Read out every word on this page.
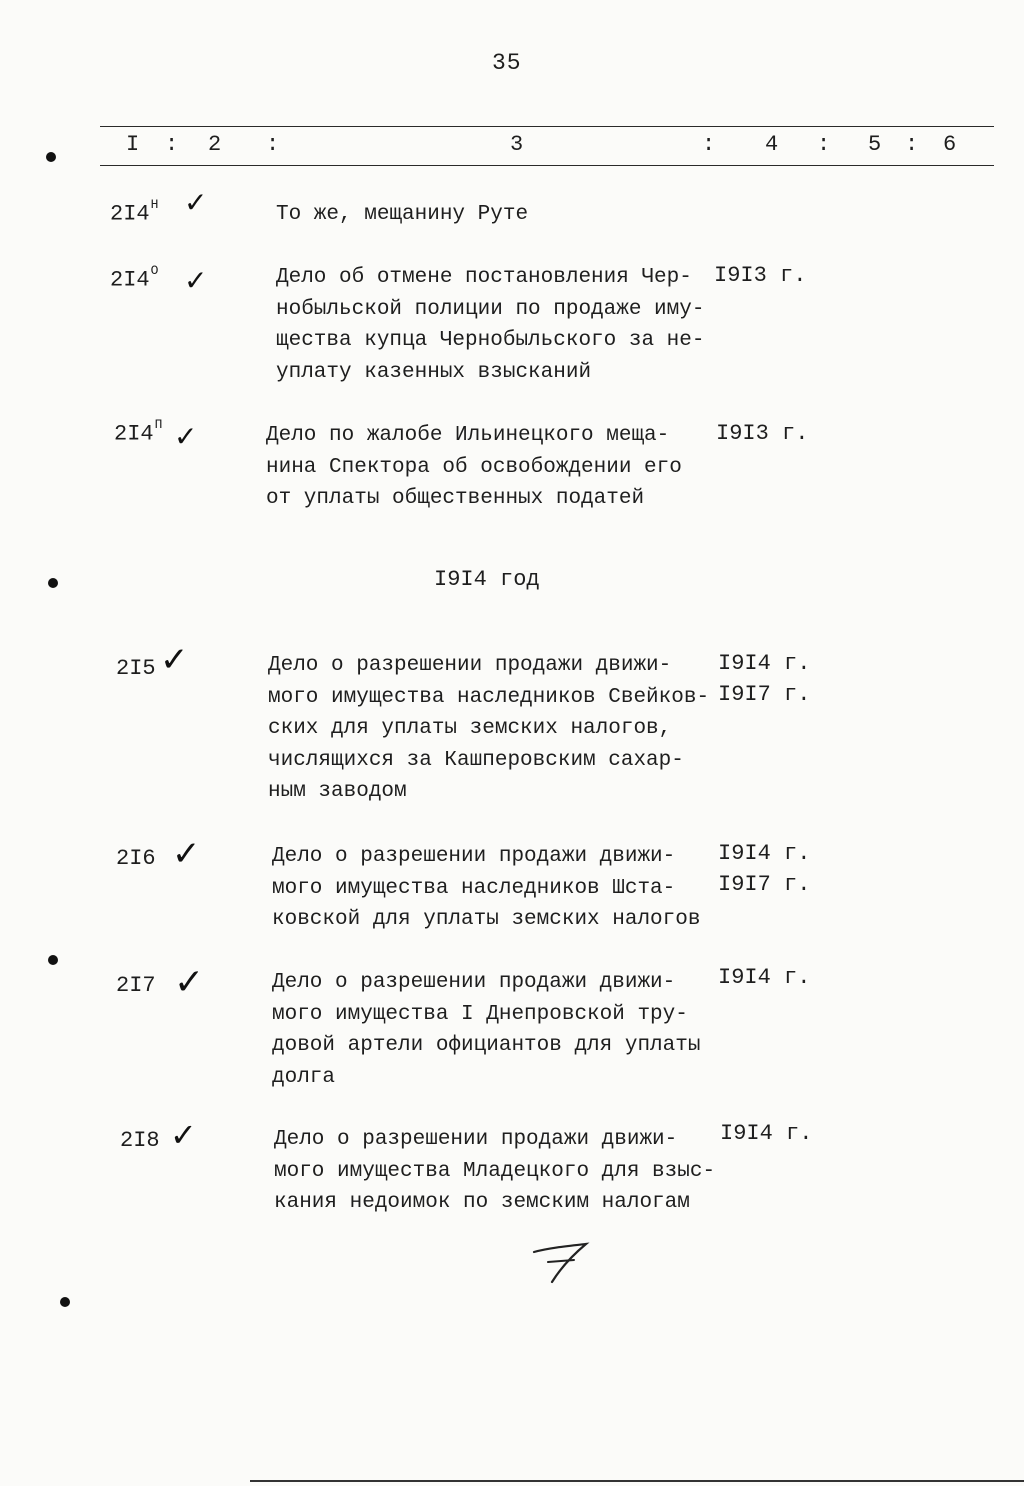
35
I : 2 :	3	: 4 : 5 : 6
$2I4^Н$ ✓	То же, мещанину Руте
$2I4^О$ ✓	Дело об отмене постановления Чер-
нобыльской полиции по продаже иму-
щества купца Чернобыльского за не-
уплату казенных взысканий
I9I3 г.
$2I4^П$ ✓	Дело по жалобе Ильинецкого меща-
нина Спектора об освобождении его
от уплаты общественных податей
I9I3 г.
I9I4 год
2I5 ✓	Дело о разрешении продажи движи-
мого имущества наследников Свейков-
ских для уплаты земских налогов,
числящихся за Кашперовским сахар-
ным заводом
I9I4 г.
I9I7 г.
2I6 ✓	Дело о разрешении продажи движи-
мого имущества наследников Шста-
ковской для уплаты земских налогов
I9I4 г.
I9I7 г.
2I7 ✓	Дело о разрешении продажи движи-
мого имущества I Днепровской тру-
довой артели официантов для уплаты
долга
I9I4 г.
2I8 ✓	Дело о разрешении продажи движи-
мого имущества Младецкого для взыс-
кания недоимок по земским налогам
I9I4 г.
